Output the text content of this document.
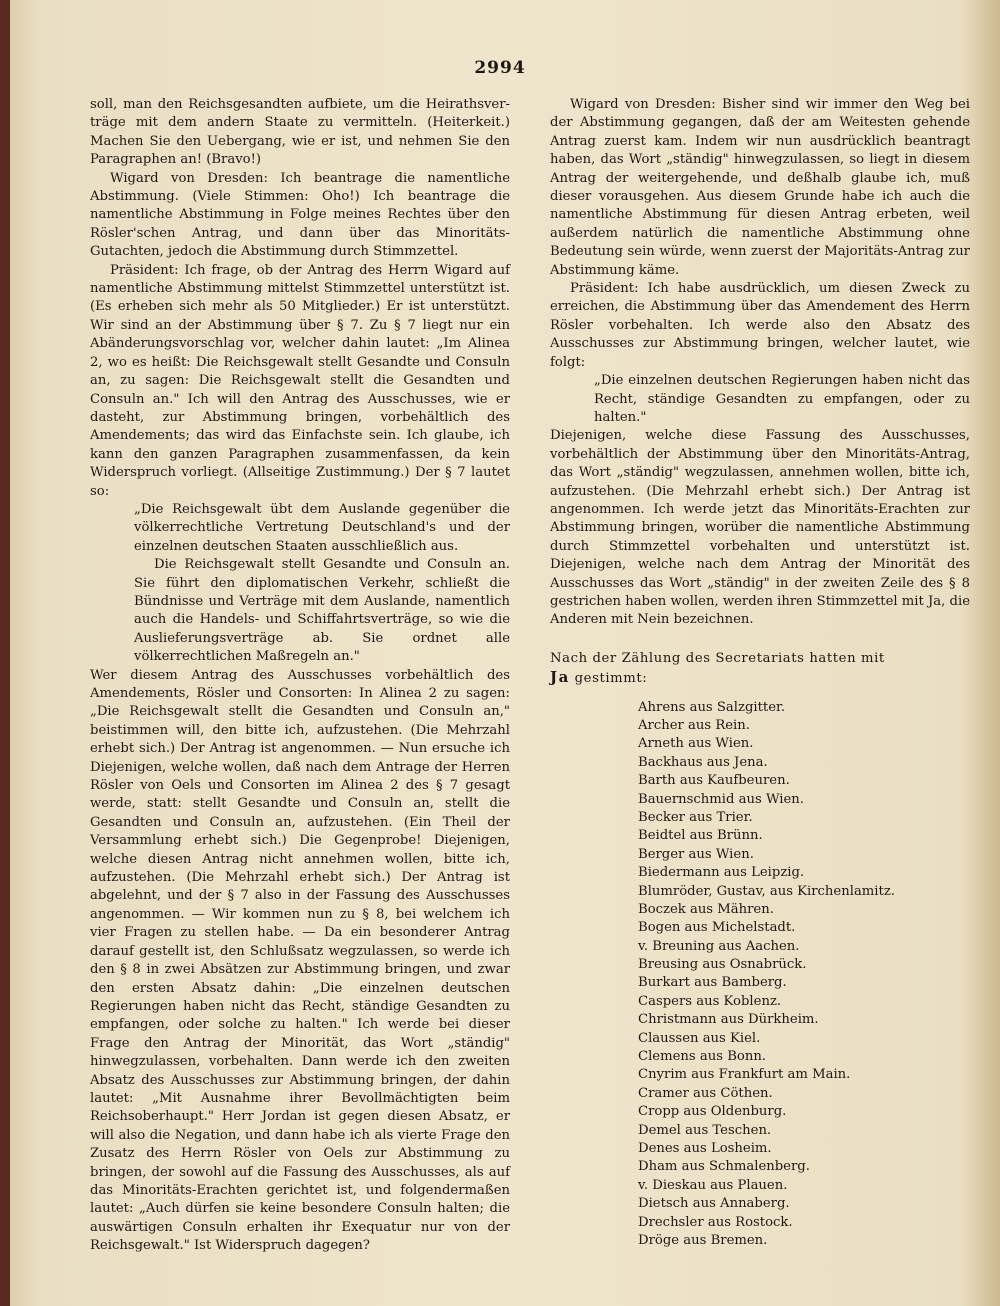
2994

soll, man den Reichsgesandten aufbiete, um die Heirathsver-träge mit dem andern Staate zu vermitteln. (Heiterkeit.) Machen Sie den Uebergang, wie er ist, und nehmen Sie den Paragraphen an! (Bravo!)

Wigard von Dresden: Ich beantrage die namentliche Abstimmung. (Viele Stimmen: Oho!) Ich beantrage die namentliche Abstimmung in Folge meines Rechtes über den Rösler'schen Antrag, und dann über das Minoritäts-Gutachten, jedoch die Abstimmung durch Stimmzettel.

Präsident: Ich frage, ob der Antrag des Herrn Wigard auf namentliche Abstimmung mittelst Stimmzettel unterstützt ist. (Es erheben sich mehr als 50 Mitglieder.) Er ist unterstützt. Wir sind an der Abstimmung über § 7. Zu § 7 liegt nur ein Abänderungsvorschlag vor, welcher dahin lautet: „Im Alinea 2, wo es heißt: Die Reichsgewalt stellt Gesandte und Consuln an, zu sagen: Die Reichsgewalt stellt die Gesandten und Consuln an." Ich will den Antrag des Ausschusses, wie er dasteht, zur Abstimmung bringen, vorbehältlich des Amendements; das wird das Einfachste sein. Ich glaube, ich kann den ganzen Paragraphen zusammenfassen, da kein Widerspruch vorliegt. (Allseitige Zustimmung.) Der § 7 lautet so:

„Die Reichsgewalt übt dem Auslande gegenüber die völkerrechtliche Vertretung Deutschland's und der einzelnen deutschen Staaten ausschließlich aus.

Die Reichsgewalt stellt Gesandte und Consuln an. Sie führt den diplomatischen Verkehr, schließt die Bündnisse und Verträge mit dem Auslande, namentlich auch die Handels- und Schiffahrtsverträge, so wie die Auslieferungsverträge ab. Sie ordnet alle völkerrechtlichen Maßregeln an."

Wer diesem Antrag des Ausschusses vorbehältlich des Amendements, Rösler und Consorten: In Alinea 2 zu sagen: „Die Reichsgewalt stellt die Gesandten und Consuln an," beistimmen will, den bitte ich, aufzustehen. (Die Mehrzahl erhebt sich.) Der Antrag ist angenommen. — Nun ersuche ich Diejenigen, welche wollen, daß nach dem Antrage der Herren Rösler von Oels und Consorten im Alinea 2 des § 7 gesagt werde, statt: stellt Gesandte und Consuln an, stellt die Gesandten und Consuln an, aufzustehen. (Ein Theil der Versammlung erhebt sich.) Die Gegenprobe! Diejenigen, welche diesen Antrag nicht annehmen wollen, bitte ich, aufzustehen. (Die Mehrzahl erhebt sich.) Der Antrag ist abgelehnt, und der § 7 also in der Fassung des Ausschusses angenommen. — Wir kommen nun zu § 8, bei welchem ich vier Fragen zu stellen habe. — Da ein besonderer Antrag darauf gestellt ist, den Schlußsatz wegzulassen, so werde ich den § 8 in zwei Absätzen zur Abstimmung bringen, und zwar den ersten Absatz dahin: „Die einzelnen deutschen Regierungen haben nicht das Recht, ständige Gesandten zu empfangen, oder solche zu halten." Ich werde bei dieser Frage den Antrag der Minorität, das Wort „ständig" hinwegzulassen, vorbehalten. Dann werde ich den zweiten Absatz des Ausschusses zur Abstimmung bringen, der dahin lautet: „Mit Ausnahme ihrer Bevollmächtigten beim Reichsoberhaupt." Herr Jordan ist gegen diesen Absatz, er will also die Negation, und dann habe ich als vierte Frage den Zusatz des Herrn Rösler von Oels zur Abstimmung zu bringen, der sowohl auf die Fassung des Ausschusses, als auf das Minoritäts-Erachten gerichtet ist, und folgendermaßen lautet: „Auch dürfen sie keine besondere Consuln halten; die auswärtigen Consuln erhalten ihr Exequatur nur von der Reichsgewalt." Ist Widerspruch dagegen?

Wigard von Dresden: Bisher sind wir immer den Weg bei der Abstimmung gegangen, daß der am Weitesten gehende Antrag zuerst kam. Indem wir nun ausdrücklich beantragt haben, das Wort „ständig" hinwegzulassen, so liegt in diesem Antrag der weitergehende, und deßhalb glaube ich, muß dieser vorausgehen. Aus diesem Grunde habe ich auch die namentliche Abstimmung für diesen Antrag erbeten, weil außerdem natürlich die namentliche Abstimmung ohne Bedeutung sein würde, wenn zuerst der Majoritäts-Antrag zur Abstimmung käme.

Präsident: Ich habe ausdrücklich, um diesen Zweck zu erreichen, die Abstimmung über das Amendement des Herrn Rösler vorbehalten. Ich werde also den Absatz des Ausschusses zur Abstimmung bringen, welcher lautet, wie folgt:

„Die einzelnen deutschen Regierungen haben nicht das Recht, ständige Gesandten zu empfangen, oder zu halten."

Diejenigen, welche diese Fassung des Ausschusses, vorbehältlich der Abstimmung über den Minoritäts-Antrag, das Wort „ständig" wegzulassen, annehmen wollen, bitte ich, aufzustehen. (Die Mehrzahl erhebt sich.) Der Antrag ist angenommen. Ich werde jetzt das Minoritäts-Erachten zur Abstimmung bringen, worüber die namentliche Abstimmung durch Stimmzettel vorbehalten und unterstützt ist. Diejenigen, welche nach dem Antrag der Minorität des Ausschusses das Wort „ständig" in der zweiten Zeile des § 8 gestrichen haben wollen, werden ihren Stimmzettel mit Ja, die Anderen mit Nein bezeichnen.

Nach der Zählung des Secretariats hatten mit
Ja gestimmt:

Ahrens aus Salzgitter.
Archer aus Rein.
Arneth aus Wien.
Backhaus aus Jena.
Barth aus Kaufbeuren.
Bauernschmid aus Wien.
Becker aus Trier.
Beidtel aus Brünn.
Berger aus Wien.
Biedermann aus Leipzig.
Blumröder, Gustav, aus Kirchenlamitz.
Boczek aus Mähren.
Bogen aus Michelstadt.
v. Breuning aus Aachen.
Breusing aus Osnabrück.
Burkart aus Bamberg.
Caspers aus Koblenz.
Christmann aus Dürkheim.
Claussen aus Kiel.
Clemens aus Bonn.
Cnyrim aus Frankfurt am Main.
Cramer aus Cöthen.
Cropp aus Oldenburg.
Demel aus Teschen.
Denes aus Losheim.
Dham aus Schmalenberg.
v. Dieskau aus Plauen.
Dietsch aus Annaberg.
Drechsler aus Rostock.
Dröge aus Bremen.
